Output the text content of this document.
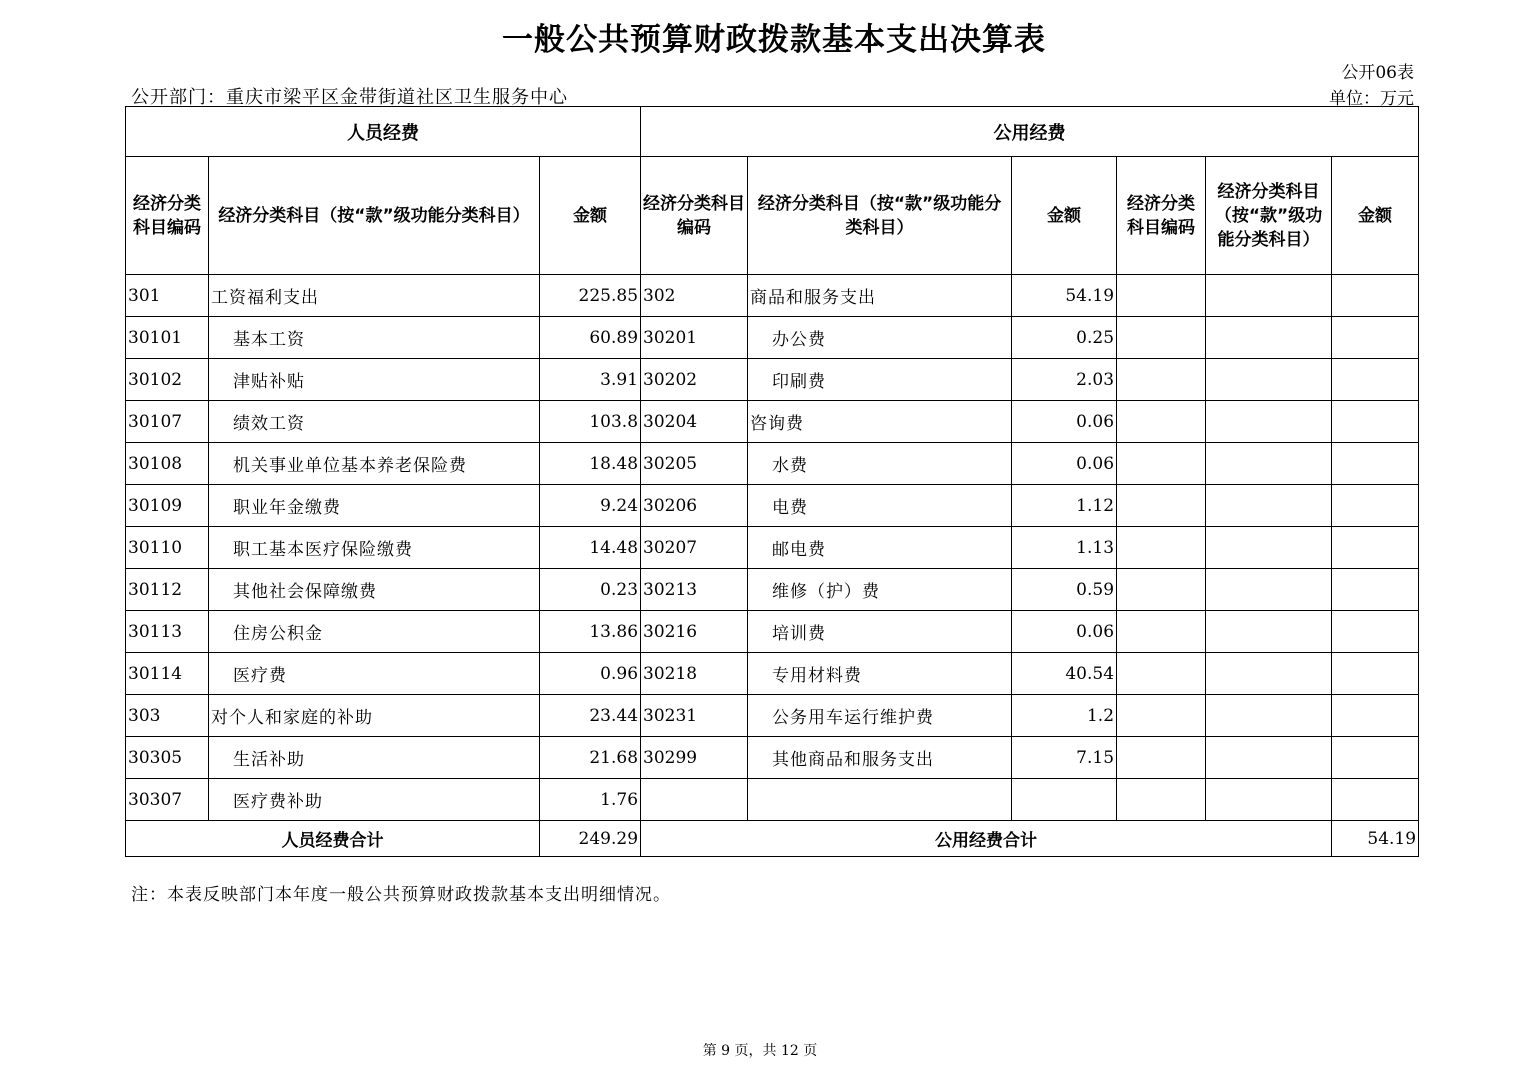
一般公共预算财政拨款基本支出决算表
公开06表
公开部门：重庆市梁平区金带街道社区卫生服务中心	单位：万元
人员经费			公用经费					
经济分类科目编码	经济分类科目（按“款”级功能分类科目）	金额	经济分类科目编码	经济分类科目（按“款”级功能分类科目）	金额	经济分类科目编码	经济分类科目（按“款”级功能分类科目）	金额
301	工资福利支出	225.85	302	商品和服务支出	54.19			
30101	基本工资	60.89	30201	办公费	0.25			
30102	津贴补贴	3.91	30202	印刷费	2.03			
30107	绩效工资	103.8	30204	咨询费	0.06			
30108	机关事业单位基本养老保险费	18.48	30205	水费	0.06			
30109	职业年金缴费	9.24	30206	电费	1.12			
30110	职工基本医疗保险缴费	14.48	30207	邮电费	1.13			
30112	其他社会保障缴费	0.23	30213	维修（护）费	0.59			
30113	住房公积金	13.86	30216	培训费	0.06			
30114	医疗费	0.96	30218	专用材料费	40.54			
303	对个人和家庭的补助	23.44	30231	公务用车运行维护费	1.2			
30305	生活补助	21.68	30299	其他商品和服务支出	7.15			
30307	医疗费补助	1.76						
人员经费合计		249.29	公用经费合计					54.19
注：本表反映部门本年度一般公共预算财政拨款基本支出明细情况。
第 9 页，共 12 页
